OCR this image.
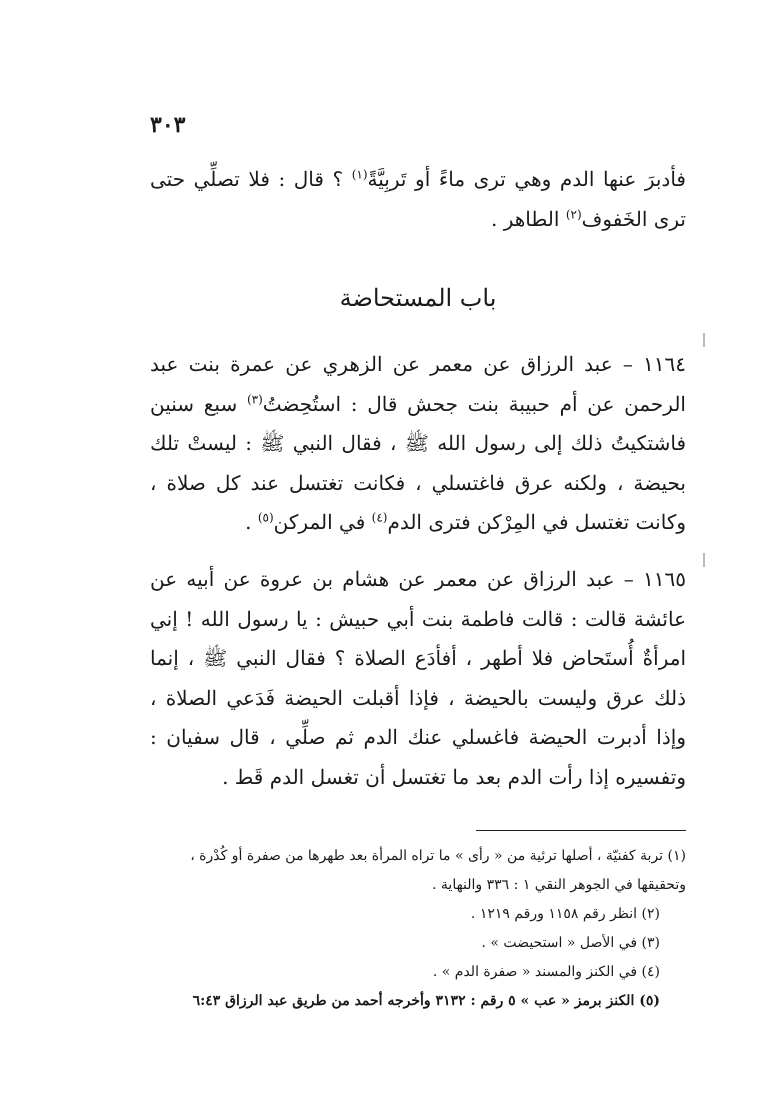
٣٠٣
فأدبرَ عنها الدم وهي ترى ماءً أو تَربِيَّةً$^{(١)}$ ؟ قال : فلا تصلِّي حتى ترى الخَفوف$^{(٢)}$ الطاهر .
باب المستحاضة
١١٦٤ – عبد الرزاق عن معمر عن الزهري عن عمرة بنت عبد الرحمن عن أم حبيبة بنت جحش قال : استُحِضتُ$^{(٣)}$ سبع سنين فاشتكيتُ ذلك إلى رسول الله ﷺ ، فقال النبي ﷺ : ليستْ تلك بحيضة ، ولكنه عرق فاغتسلي ، فكانت تغتسل عند كل صلاة ، وكانت تغتسل في المِرْكن فترى الدم$^{(٤)}$ في المركن$^{(٥)}$ .
١١٦٥ – عبد الرزاق عن معمر عن هشام بن عروة عن أبيه عن عائشة قالت : قالت فاطمة بنت أبي حبيش : يا رسول الله ! إني امرأةٌ أُستَحاض فلا أطهر ، أفأدَع الصلاة ؟ فقال النبي ﷺ ، إنما ذلك عرق وليست بالحيضة ، فإذا أقبلت الحيضة فَدَعي الصلاة ، وإذا أدبرت الحيضة فاغسلي عنك الدم ثم صلِّي ، قال سفيان : وتفسيره إذا رأت الدم بعد ما تغتسل أن تغسل الدم قَط .
(١) تربة كفنيّة ، أصلها ترئية من « رأى » ما تراه المرأة بعد طهرها من صفرة أو كُدْرة ، وتحقيقها في الجوهر النقي ١ : ٣٣٦ والنهاية .
(٢) انظر رقم ١١٥٨ ورقم ١٢١٩ .
(٣) في الأصل « استحيضت » .
(٤) في الكنز والمسند « صفرة الدم » .
(٥) الكنز برمز « عب » ٥ رقم : ٣١٣٢ وأخرجه أحمد من طريق عبد الرزاق ٦:٤٣
